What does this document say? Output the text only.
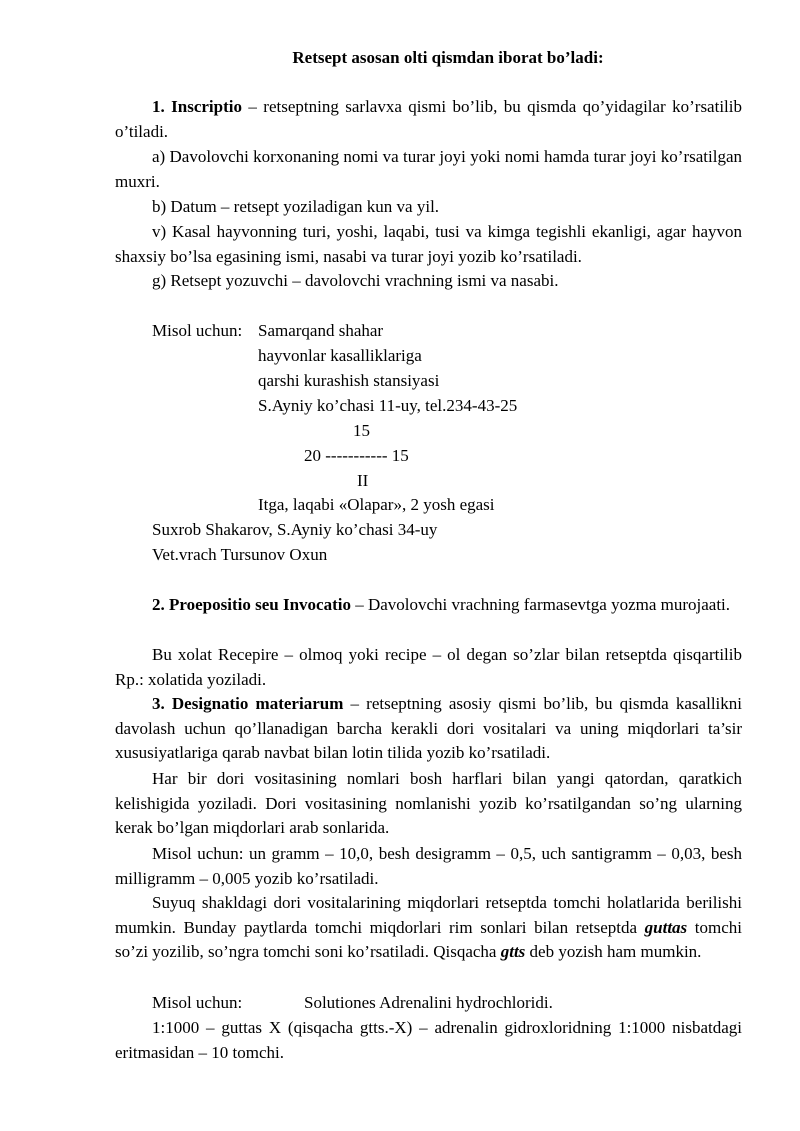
Retsept asosan olti qismdan iborat bo’ladi:
1. Inscriptio – retseptning sarlavxa qismi bo’lib, bu qismda qo’yidagilar ko’rsatilib o’tiladi.
a) Davolovchi korxonaning nomi va turar joyi yoki nomi hamda turar joyi ko’rsatilgan muxri.
b) Datum – retsept yoziladigan kun va yil.
v) Kasal hayvonning turi, yoshi, laqabi, tusi va kimga tegishli ekanligi, agar hayvon shaxsiy bo’lsa egasining ismi, nasabi va turar joyi yozib ko’rsatiladi.
g) Retsept yozuvchi – davolovchi vrachning ismi va nasabi.
Misol uchun: Samarqand shahar
hayvonlar kasalliklariga
qarshi kurashish stansiyasi
S.Ayniy ko’chasi 11-uy, tel.234-43-25
15
20 ----------- 15
II
Itga, laqabi «Olapar», 2 yosh egasi
Suxrob Shakarov, S.Ayniy ko’chasi 34-uy
Vet.vrach Tursunov Oxun
2. Proepositio seu Invocatio – Davolovchi vrachning farmasevtga yozma murojaati.
Bu xolat Recepire – olmoq yoki recipe – ol degan so’zlar bilan retseptda qisqartilib Rp.: xolatida yoziladi.
3. Designatio materiarum – retseptning asosiy qismi bo’lib, bu qismda kasallikni davolash uchun qo’llanadigan barcha kerakli dori vositalari va uning miqdorlari ta’sir xususiyatlariga qarab navbat bilan lotin tilida yozib ko’rsatiladi.
Har bir dori vositasining nomlari bosh harflari bilan yangi qatordan, qaratkich kelishigida yoziladi. Dori vositasining nomlanishi yozib ko’rsatilgandan so’ng ularning kerak bo’lgan miqdorlari arab sonlarida.
Misol uchun: un gramm – 10,0, besh desigramm – 0,5, uch santigramm – 0,03, besh milligramm – 0,005 yozib ko’rsatiladi.
Suyuq shakldagi dori vositalarining miqdorlari retseptda tomchi holatlarida berilishi mumkin. Bunday paytlarda tomchi miqdorlari rim sonlari bilan retseptda guttas tomchi so’zi yozilib, so’ngra tomchi soni ko’rsatiladi. Qisqacha gtts deb yozish ham mumkin.
Misol uchun:	Solutiones Adrenalini hydrochloridi.
1:1000 – guttas X (qisqacha gtts.-X) – adrenalin gidroxloridning 1:1000 nisbatdagi eritmasidan – 10 tomchi.
